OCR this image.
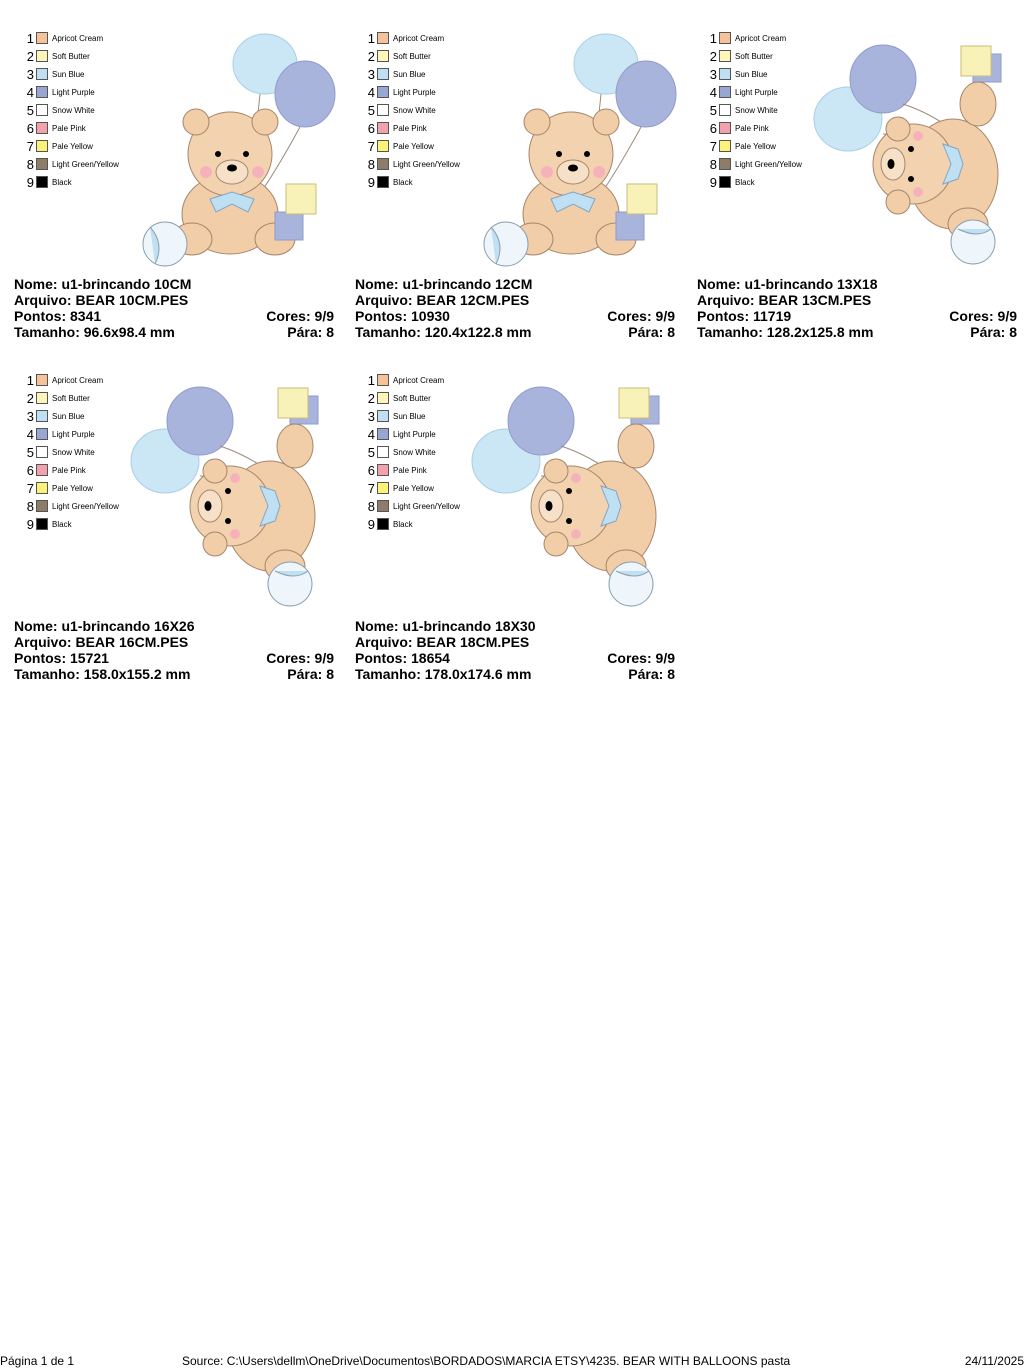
1 Apricot Cream
2 Soft Butter
3 Sun Blue
4 Light Purple
5 Snow White
6 Pale Pink
7 Pale Yellow
8 Light Green/Yellow
9 Black
Nome: u1-brincando 10CM
Arquivo: BEAR 10CM.PES
Pontos: 8341	Cores: 9/9
Tamanho: 96.6x98.4 mm	Pára: 8
1 Apricot Cream
2 Soft Butter
3 Sun Blue
4 Light Purple
5 Snow White
6 Pale Pink
7 Pale Yellow
8 Light Green/Yellow
9 Black
Nome: u1-brincando 12CM
Arquivo: BEAR 12CM.PES
Pontos: 10930	Cores: 9/9
Tamanho: 120.4x122.8 mm	Pára: 8
1 Apricot Cream
2 Soft Butter
3 Sun Blue
4 Light Purple
5 Snow White
6 Pale Pink
7 Pale Yellow
8 Light Green/Yellow
9 Black
Nome: u1-brincando 13X18
Arquivo: BEAR 13CM.PES
Pontos: 11719	Cores: 9/9
Tamanho: 128.2x125.8 mm	Pára: 8
1 Apricot Cream
2 Soft Butter
3 Sun Blue
4 Light Purple
5 Snow White
6 Pale Pink
7 Pale Yellow
8 Light Green/Yellow
9 Black
Nome: u1-brincando 16X26
Arquivo: BEAR 16CM.PES
Pontos: 15721	Cores: 9/9
Tamanho: 158.0x155.2 mm	Pára: 8
1 Apricot Cream
2 Soft Butter
3 Sun Blue
4 Light Purple
5 Snow White
6 Pale Pink
7 Pale Yellow
8 Light Green/Yellow
9 Black
Nome: u1-brincando 18X30
Arquivo: BEAR 18CM.PES
Pontos: 18654	Cores: 9/9
Tamanho: 178.0x174.6 mm	Pára: 8
Página 1 de 1	Source: C:\Users\dellm\OneDrive\Documentos\BORDADOS\MARCIA ETSY\4235. BEAR WITH BALLOONS pasta	24/11/2025
